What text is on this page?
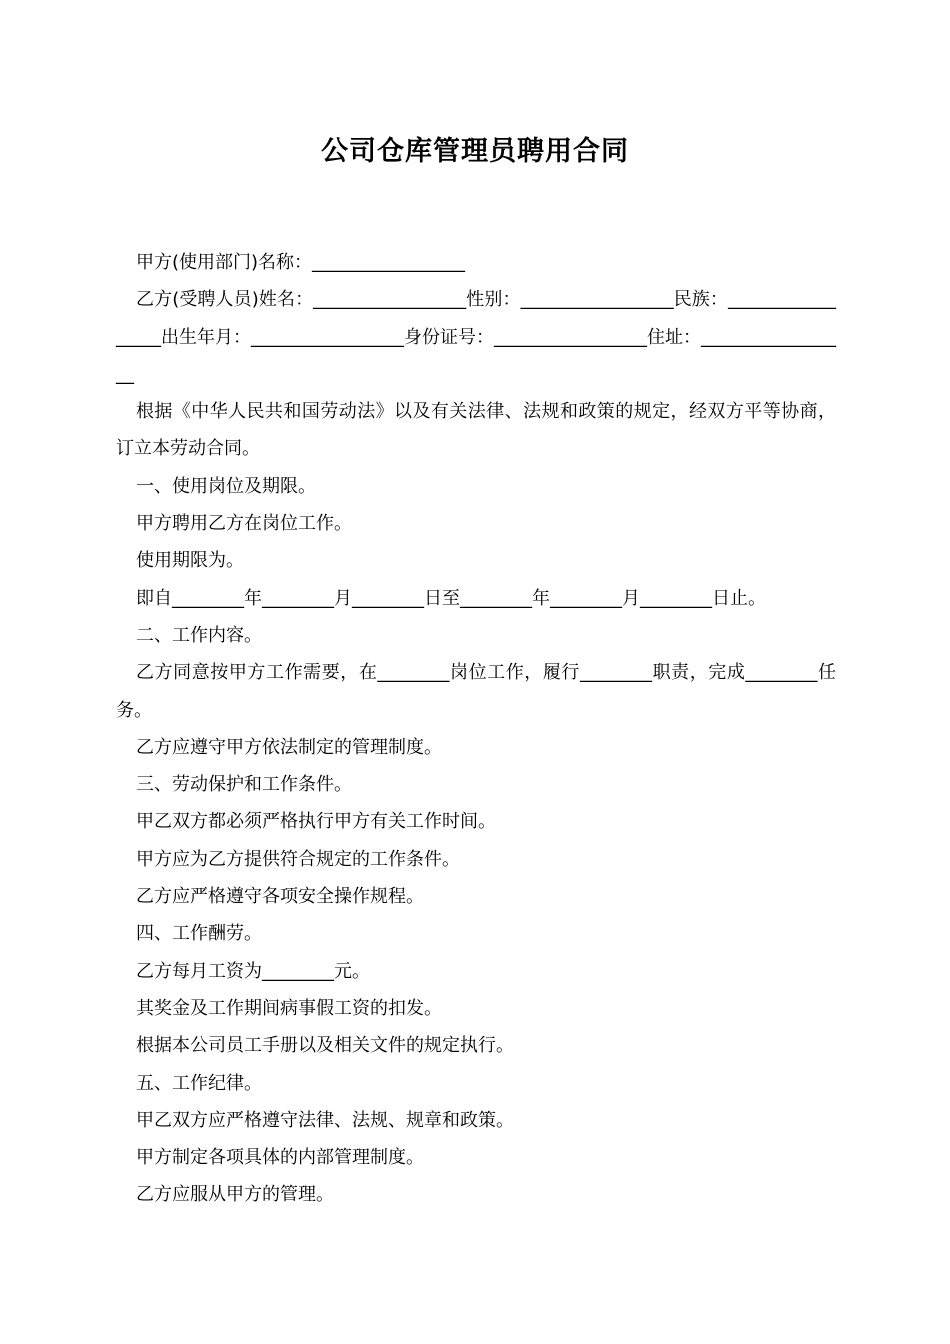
公司仓库管理员聘用合同

甲方(使用部门)名称：_________________

乙方(受聘人员)姓名：_________________性别：_________________民族：_________________出生年月：_________________身份证号：_________________住址：_________________

根据《中华人民共和国劳动法》以及有关法律、法规和政策的规定，经双方平等协商，订立本劳动合同。

一、使用岗位及期限。

甲方聘用乙方在岗位工作。

使用期限为。

即自________年________月________日至________年________月________日止。

二、工作内容。

乙方同意按甲方工作需要，在________岗位工作，履行________职责，完成________任务。

乙方应遵守甲方依法制定的管理制度。

三、劳动保护和工作条件。

甲乙双方都必须严格执行甲方有关工作时间。

甲方应为乙方提供符合规定的工作条件。

乙方应严格遵守各项安全操作规程。

四、工作酬劳。

乙方每月工资为________元。

其奖金及工作期间病事假工资的扣发。

根据本公司员工手册以及相关文件的规定执行。

五、工作纪律。

甲乙双方应严格遵守法律、法规、规章和政策。

甲方制定各项具体的内部管理制度。

乙方应服从甲方的管理。
